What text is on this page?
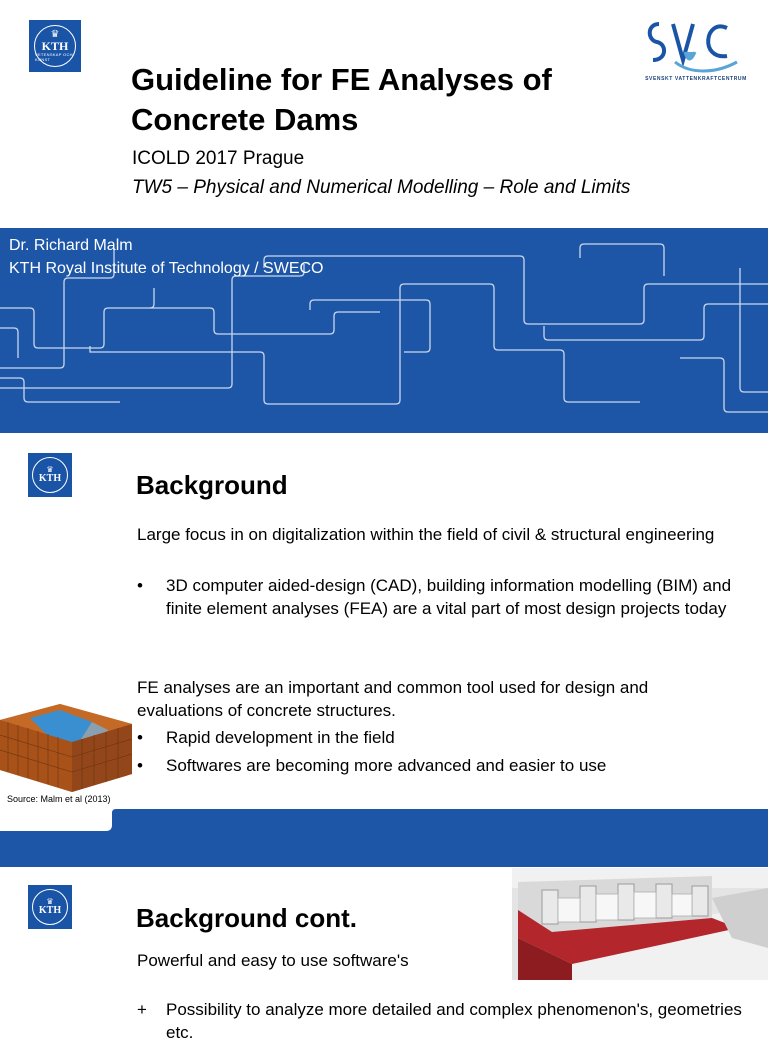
♛
KTH
VETENSKAP OCH KONST
Guideline for FE Analyses of Concrete Dams
ICOLD 2017 Prague
TW5 – Physical and Numerical Modelling – Role and Limits
SVENSKT VATTENKRAFTCENTRUM
Dr. Richard Malm
KTH Royal Institute of Technology / SWECO
♛
KTH	Background
Large focus in on digitalization within the field of civil & structural engineering
• 3D computer aided-design (CAD), building information modelling (BIM) and finite element analyses (FEA) are a vital part of most design projects today
FE analyses are an important and common tool used for design and evaluations of concrete structures.
• Rapid development in the field
• Softwares are becoming more advanced and easier to use
Source: Malm et al (2013)
♛
KTH	Background cont.
Powerful and easy to use software's
+ Possibility to analyze more detailed and complex phenomenon's, geometries etc.
